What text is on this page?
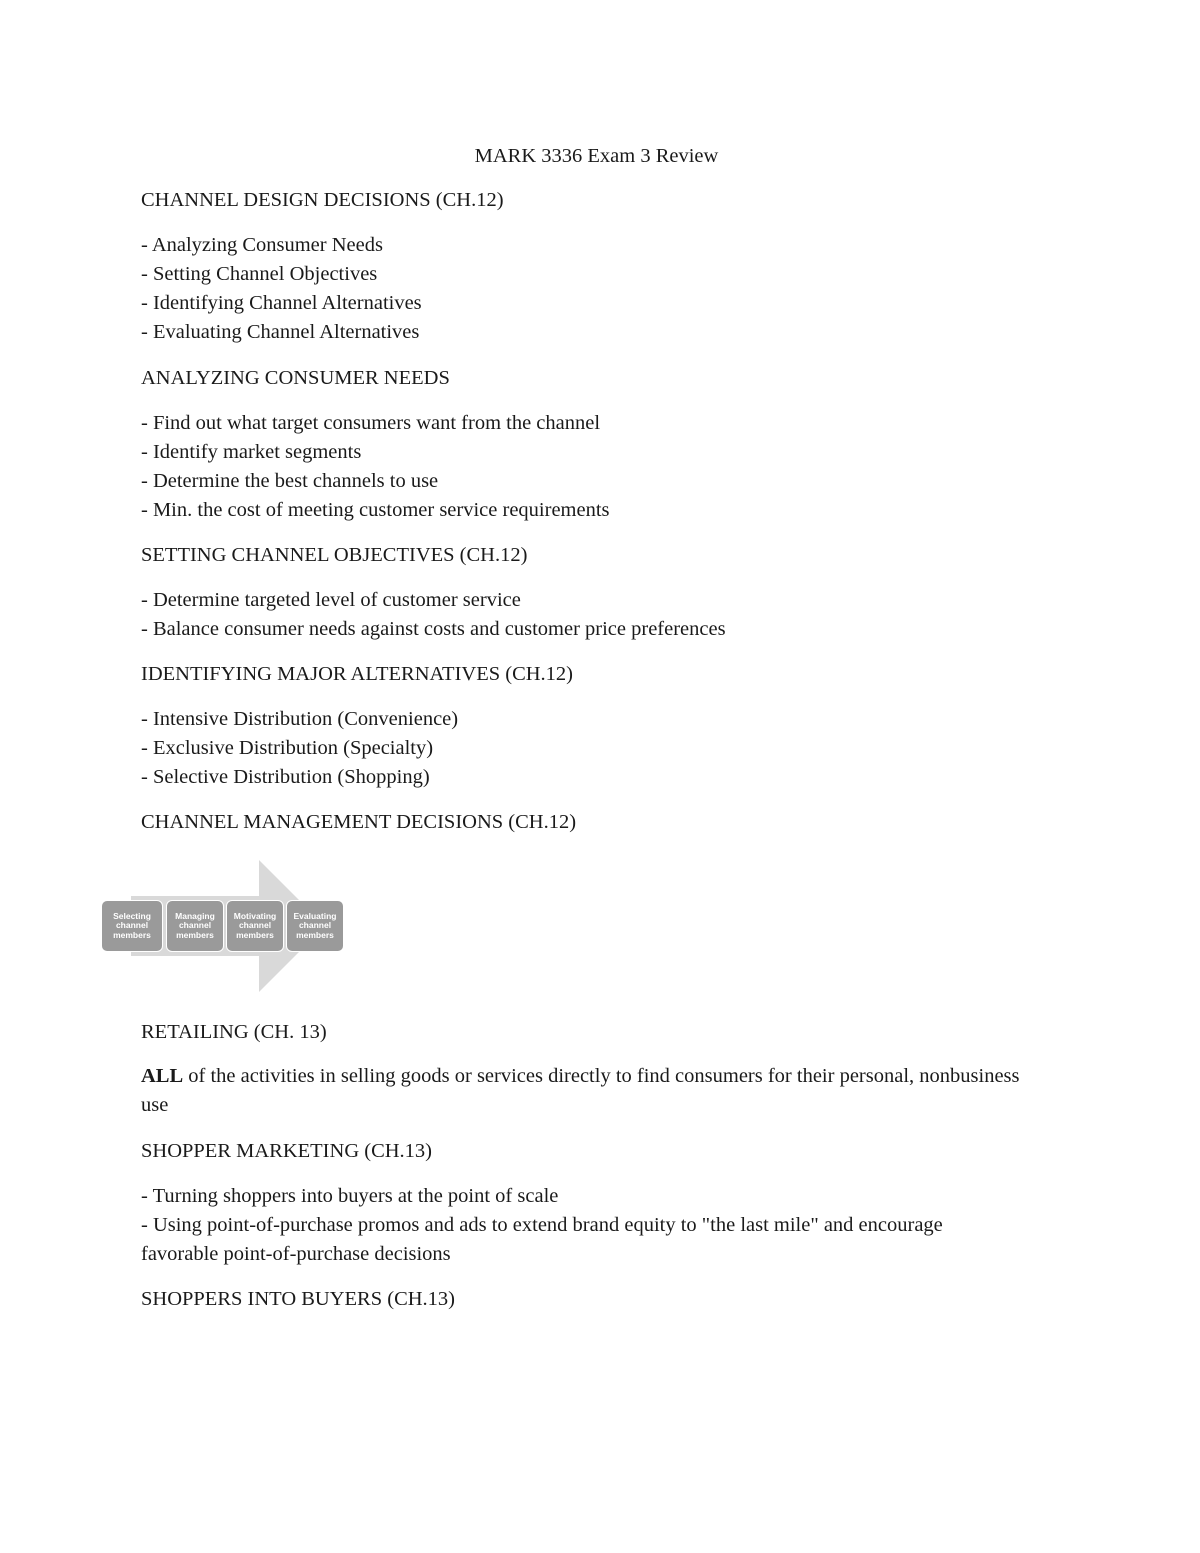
MARK 3336 Exam 3 Review

CHANNEL DESIGN DECISIONS (CH.12)

- Analyzing Consumer Needs

- Setting Channel Objectives

- Identifying Channel Alternatives

- Evaluating Channel Alternatives

ANALYZING CONSUMER NEEDS

- Find out what target consumers want from the channel

- Identify market segments

- Determine the best channels to use

- Min. the cost of meeting customer service requirements

SETTING CHANNEL OBJECTIVES (CH.12)

- Determine targeted level of customer service

- Balance consumer needs against costs and customer price preferences

IDENTIFYING MAJOR ALTERNATIVES (CH.12)

- Intensive Distribution (Convenience)

- Exclusive Distribution (Specialty)

- Selective Distribution (Shopping)

CHANNEL MANAGEMENT DECISIONS (CH.12)

Selecting channel members
Managing channel members
Motivating channel members
Evaluating channel members

RETAILING (CH. 13)

ALL of the activities in selling goods or services directly to find consumers for their personal, nonbusiness use

SHOPPER MARKETING (CH.13)

- Turning shoppers into buyers at the point of scale

- Using point-of-purchase promos and ads to extend brand equity to "the last mile" and encourage favorable point-of-purchase decisions

SHOPPERS INTO BUYERS (CH.13)
